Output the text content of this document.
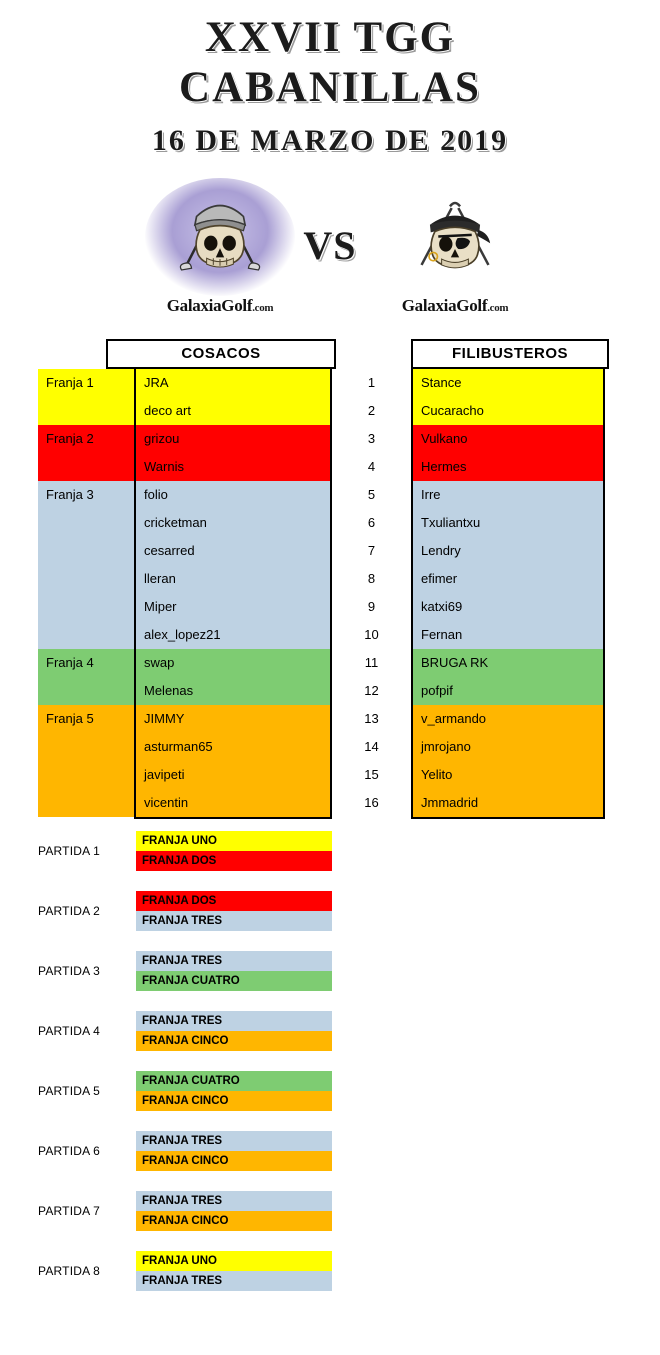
XXVII TGG
CABANILLAS
16 DE MARZO DE 2019
GalaxiaGolf.com	GalaxiaGolf.com
VS
COSACOS	FILIBUSTEROS
Franja 1	JRA	1	Stance
deco art	2	Cucaracho
Franja 2	grizou	3	Vulkano
Warnis	4	Hermes
Franja 3	folio	5	Irre
cricketman	6	Txuliantxu
cesarred	7	Lendry
lleran	8	efimer
Miper	9	katxi69
alex_lopez21	10	Fernan
Franja 4	swap	11	BRUGA RK
Melenas	12	pofpif
Franja 5	JIMMY	13	v_armando
asturman65	14	jmrojano
javipeti	15	Yelito
vicentin	16	Jmmadrid
PARTIDA 1
FRANJA UNO
FRANJA DOS
PARTIDA 2
FRANJA DOS
FRANJA TRES
PARTIDA 3
FRANJA TRES
FRANJA CUATRO
PARTIDA 4
FRANJA TRES
FRANJA CINCO
PARTIDA 5
FRANJA CUATRO
FRANJA CINCO
PARTIDA 6
FRANJA TRES
FRANJA CINCO
PARTIDA 7
FRANJA TRES
FRANJA CINCO
PARTIDA 8
FRANJA UNO
FRANJA TRES
